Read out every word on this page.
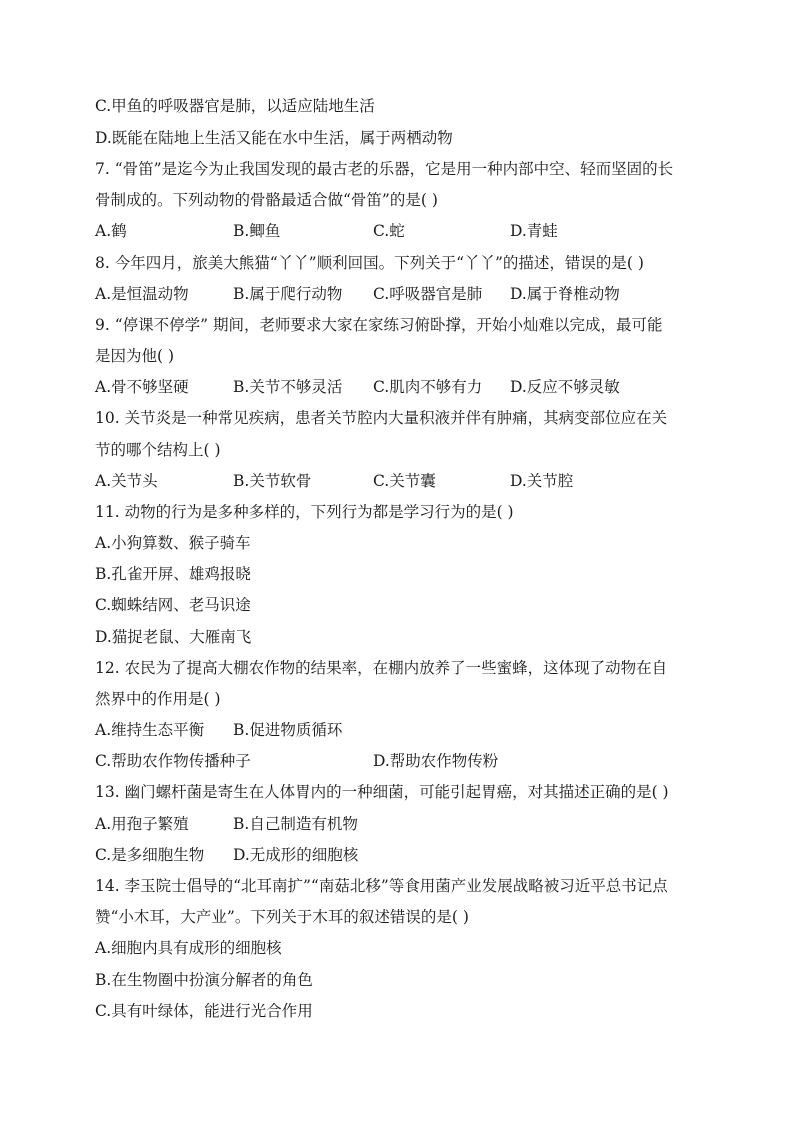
C.甲鱼的呼吸器官是肺，以适应陆地生活
D.既能在陆地上生活又能在水中生活，属于两栖动物
7. “骨笛”是迄今为止我国发现的最古老的乐器，它是用一种内部中空、轻而坚固的长
骨制成的。下列动物的骨骼最适合做“骨笛”的是( )
A.鹤	B.鲫鱼	C.蛇	D.青蛙
8. 今年四月，旅美大熊猫“丫丫”顺利回国。下列关于“丫丫”的描述，错误的是( )
A.是恒温动物	B.属于爬行动物 C.呼吸器官是肺 D.属于脊椎动物
9. “停课不停学” 期间，老师要求大家在家练习俯卧撑，开始小灿难以完成，最可能
是因为他( )
A.骨不够坚硬	B.关节不够灵活 C.肌肉不够有力 D.反应不够灵敏
10. 关节炎是一种常见疾病，患者关节腔内大量积液并伴有肿痛，其病变部位应在关
节的哪个结构上( )
A.关节头	B.关节软骨	C.关节囊	D.关节腔
11. 动物的行为是多种多样的，下列行为都是学习行为的是( )
A.小狗算数、猴子骑车
B.孔雀开屏、雄鸡报晓
C.蜘蛛结网、老马识途
D.猫捉老鼠、大雁南飞
12. 农民为了提高大棚农作物的结果率，在棚内放养了一些蜜蜂，这体现了动物在自
然界中的作用是( )
A.维持生态平衡 B.促进物质循环
C.帮助农作物传播种子	D.帮助农作物传粉
13. 幽门螺杆菌是寄生在人体胃内的一种细菌，可能引起胃癌，对其描述正确的是( )
A.用孢子繁殖	B.自己制造有机物
C.是多细胞生物 D.无成形的细胞核
14. 李玉院士倡导的“北耳南扩”“南菇北移”等食用菌产业发展战略被习近平总书记点
赞“小木耳，大产业”。下列关于木耳的叙述错误的是( )
A.细胞内具有成形的细胞核
B.在生物圈中扮演分解者的角色
C.具有叶绿体，能进行光合作用
